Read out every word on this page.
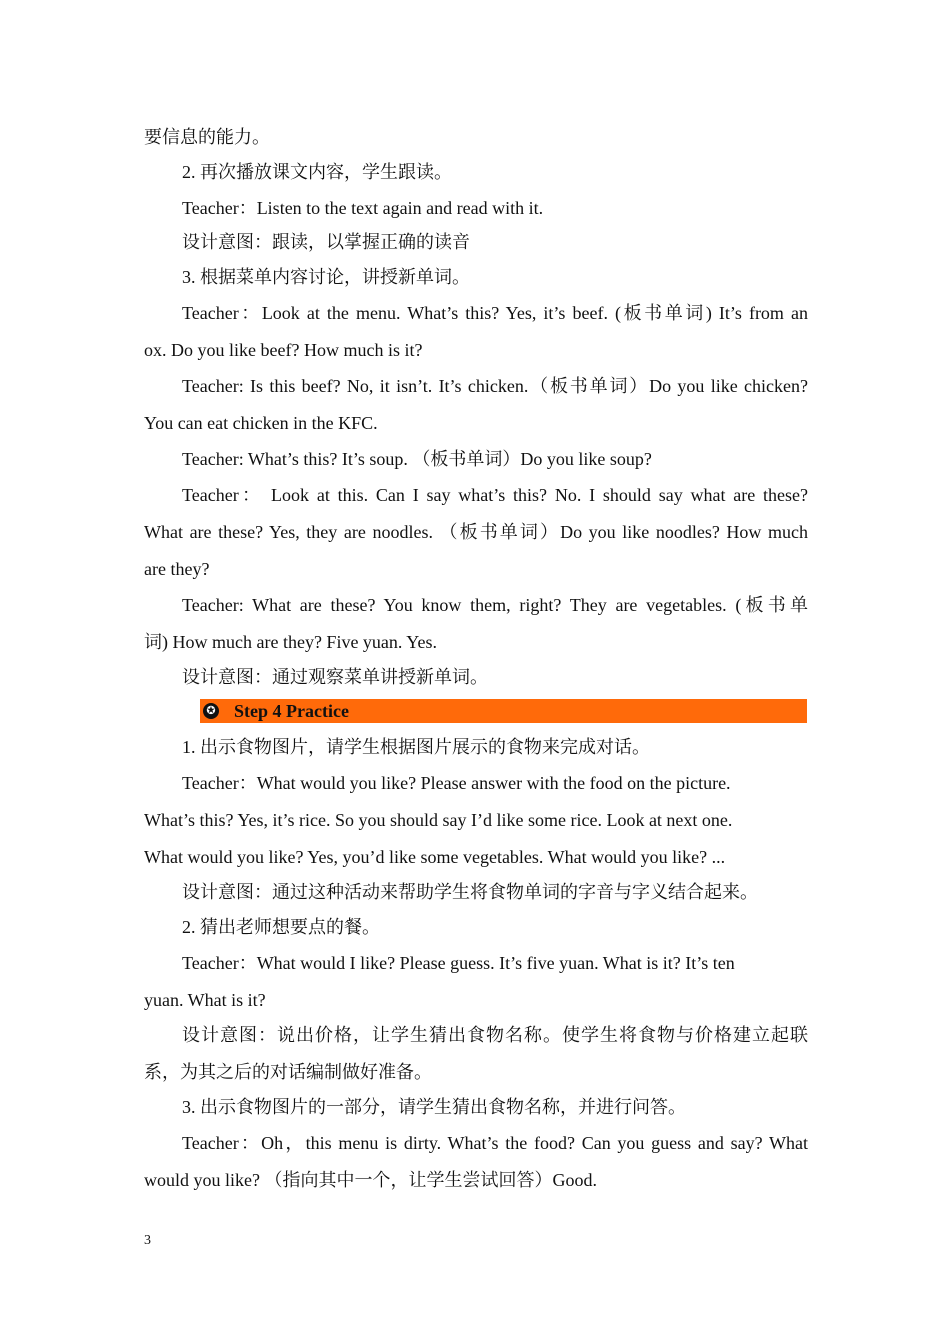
要信息的能力。
2. 再次播放课文内容，学生跟读。
Teacher：Listen to the text again and read with it.
设计意图：跟读，以掌握正确的读音
3. 根据菜单内容讨论，讲授新单词。
Teacher：Look at the menu. What’s this? Yes, it’s beef. (板书单词) It’s from an
ox. Do you like beef? How much is it?
Teacher: Is this beef? No, it isn’t. It’s chicken.（板书单词）Do you like chicken?
You can eat chicken in the KFC.
Teacher: What’s this? It’s soup. （板书单词）Do you like soup?
Teacher： Look at this. Can I say what’s this? No. I should say what are these?
What are these? Yes, they are noodles. （板书单词）Do you like noodles? How much
are they?
Teacher: What are these? You know them, right? They are vegetables. (板书单
词) How much are they? Five yuan. Yes.
设计意图：通过观察菜单讲授新单词。
✪ Step 4 Practice
1. 出示食物图片，请学生根据图片展示的食物来完成对话。
Teacher：What would you like? Please answer with the food on the picture.
What’s this? Yes, it’s rice. So you should say I’d like some rice. Look at next one.
What would you like? Yes, you’d like some vegetables. What would you like? ...
设计意图：通过这种活动来帮助学生将食物单词的字音与字义结合起来。
2. 猜出老师想要点的餐。
Teacher：What would I like? Please guess. It’s five yuan. What is it? It’s ten
yuan. What is it?
设计意图：说出价格，让学生猜出食物名称。使学生将食物与价格建立起联
系，为其之后的对话编制做好准备。
3. 出示食物图片的一部分，请学生猜出食物名称，并进行问答。
Teacher：Oh，this menu is dirty. What’s the food? Can you guess and say? What
would you like? （指向其中一个，让学生尝试回答）Good.
3
